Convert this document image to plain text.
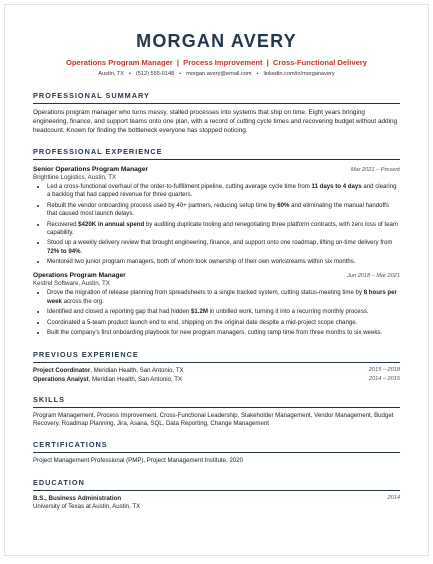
MORGAN AVERY
Operations Program Manager | Process Improvement | Cross-Functional Delivery
Austin, TX • (512) 555-0148 • morgan.avery@email.com • linkedin.com/in/morganavery
PROFESSIONAL SUMMARY
Operations program manager who turns messy, stalled processes into systems that ship on time. Eight years bringing engineering, finance, and support teams onto one plan, with a record of cutting cycle times and recovering budget without adding headcount. Known for finding the bottleneck everyone has stopped noticing.
PROFESSIONAL EXPERIENCE
Senior Operations Program Manager	Mar 2021 – Present
Brightline Logistics, Austin, TX
• Led a cross-functional overhaul of the order-to-fulfillment pipeline, cutting average cycle time from 11 days to 4 days and clearing a backlog that had capped revenue for three quarters.
• Rebuilt the vendor onboarding process used by 40+ partners, reducing setup time by 60% and eliminating the manual handoffs that caused most launch delays.
• Recovered $420K in annual spend by auditing duplicate tooling and renegotiating three platform contracts, with zero loss of team capability.
• Stood up a weekly delivery review that brought engineering, finance, and support onto one roadmap, lifting on-time delivery from 72% to 94%.
• Mentored two junior program managers, both of whom took ownership of their own workstreams within six months.
Operations Program Manager	Jun 2018 – Mar 2021
Kestrel Software, Austin, TX
• Drove the migration of release planning from spreadsheets to a single tracked system, cutting status-meeting time by 8 hours per week across the org.
• Identified and closed a reporting gap that had hidden $1.2M in unbilled work, turning it into a recurring monthly process.
• Coordinated a 5-team product launch end to end, shipping on the original date despite a mid-project scope change.
• Built the company's first onboarding playbook for new program managers, cutting ramp time from three months to six weeks.
PREVIOUS EXPERIENCE
Project Coordinator, Meridian Health, San Antonio, TX	2015 – 2018
Operations Analyst, Meridian Health, San Antonio, TX	2014 – 2015
SKILLS
Program Management, Process Improvement, Cross-Functional Leadership, Stakeholder Management, Vendor Management, Budget Recovery, Roadmap Planning, Jira, Asana, SQL, Data Reporting, Change Management
CERTIFICATIONS
Project Management Professional (PMP), Project Management Institute, 2020
EDUCATION
B.S., Business Administration	2014
University of Texas at Austin, Austin, TX
